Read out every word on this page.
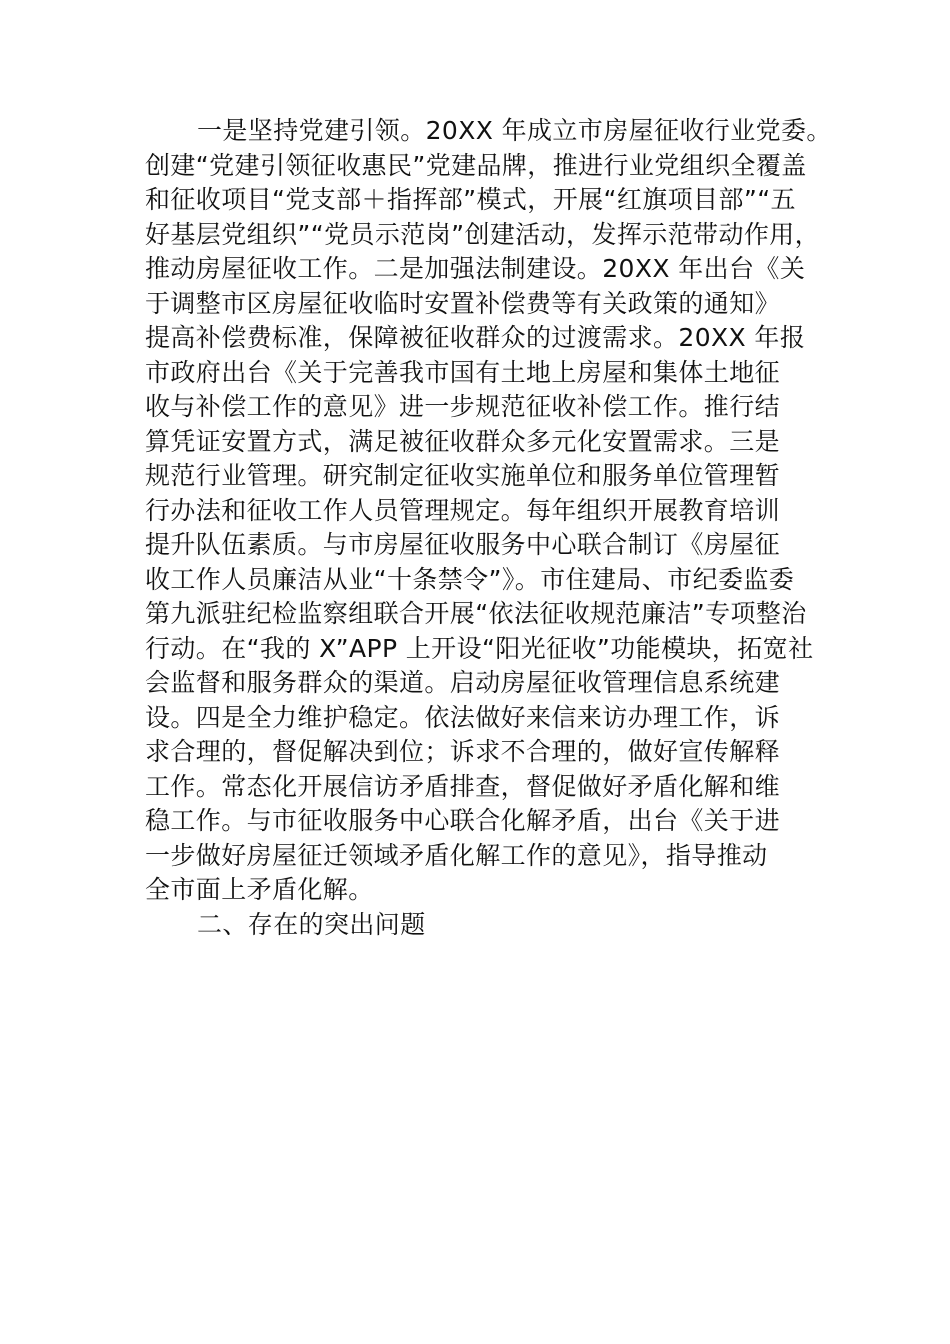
一是坚持党建引领。20XX 年成立市房屋征收行业党委。
创建“党建引领征收惠民”党建品牌，推进行业党组织全覆盖
和征收项目“党支部＋指挥部”模式，开展“红旗项目部”“五
好基层党组织”“党员示范岗”创建活动，发挥示范带动作用，
推动房屋征收工作。二是加强法制建设。20XX 年出台《关
于调整市区房屋征收临时安置补偿费等有关政策的通知》
提高补偿费标准，保障被征收群众的过渡需求。20XX 年报
市政府出台《关于完善我市国有土地上房屋和集体土地征
收与补偿工作的意见》进一步规范征收补偿工作。推行结
算凭证安置方式，满足被征收群众多元化安置需求。三是
规范行业管理。研究制定征收实施单位和服务单位管理暂
行办法和征收工作人员管理规定。每年组织开展教育培训
提升队伍素质。与市房屋征收服务中心联合制订《房屋征
收工作人员廉洁从业“十条禁令”》。市住建局、市纪委监委
第九派驻纪检监察组联合开展“依法征收规范廉洁”专项整治
行动。在“我的 X”APP 上开设“阳光征收”功能模块，拓宽社
会监督和服务群众的渠道。启动房屋征收管理信息系统建
设。四是全力维护稳定。依法做好来信来访办理工作，诉
求合理的，督促解决到位；诉求不合理的，做好宣传解释
工作。常态化开展信访矛盾排查，督促做好矛盾化解和维
稳工作。与市征收服务中心联合化解矛盾，出台《关于进
一步做好房屋征迁领域矛盾化解工作的意见》，指导推动
全市面上矛盾化解。
二、存在的突出问题
